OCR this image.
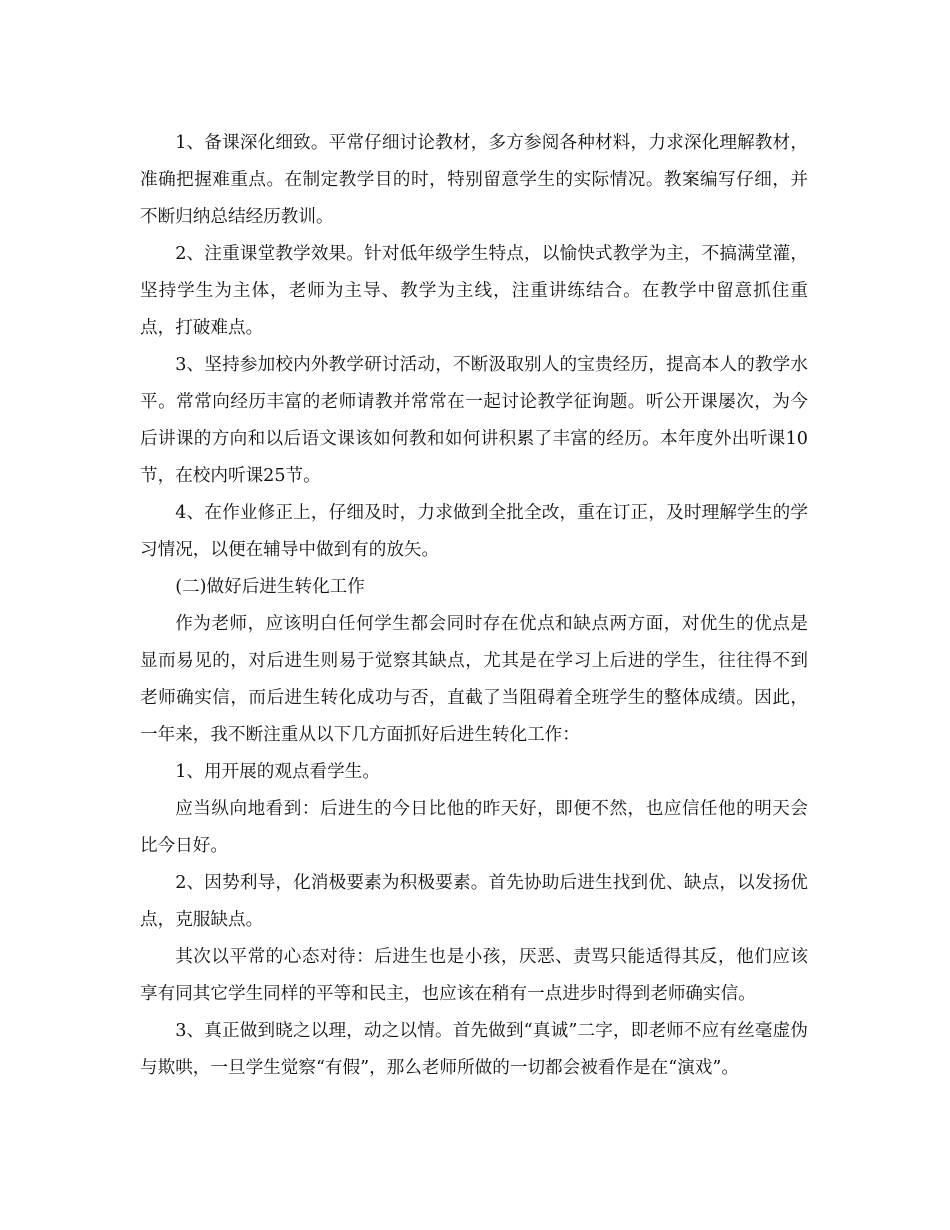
1、备课深化细致。平常仔细讨论教材，多方参阅各种材料，力求深化理解教材，准确把握难重点。在制定教学目的时，特别留意学生的实际情况。教案编写仔细，并不断归纳总结经历教训。

2、注重课堂教学效果。针对低年级学生特点，以愉快式教学为主，不搞满堂灌，坚持学生为主体，老师为主导、教学为主线，注重讲练结合。在教学中留意抓住重点，打破难点。

3、坚持参加校内外教学研讨活动，不断汲取别人的宝贵经历，提高本人的教学水平。常常向经历丰富的老师请教并常常在一起讨论教学征询题。听公开课屡次，为今后讲课的方向和以后语文课该如何教和如何讲积累了丰富的经历。本年度外出听课10节，在校内听课25节。

4、在作业修正上，仔细及时，力求做到全批全改，重在订正，及时理解学生的学习情况，以便在辅导中做到有的放矢。

(二)做好后进生转化工作

作为老师，应该明白任何学生都会同时存在优点和缺点两方面，对优生的优点是显而易见的，对后进生则易于觉察其缺点，尤其是在学习上后进的学生，往往得不到老师确实信，而后进生转化成功与否，直截了当阻碍着全班学生的整体成绩。因此，一年来，我不断注重从以下几方面抓好后进生转化工作：

1、用开展的观点看学生。

应当纵向地看到：后进生的今日比他的昨天好，即便不然，也应信任他的明天会比今日好。

2、因势利导，化消极要素为积极要素。首先协助后进生找到优、缺点，以发扬优点，克服缺点。

其次以平常的心态对待：后进生也是小孩，厌恶、责骂只能适得其反，他们应该享有同其它学生同样的平等和民主，也应该在稍有一点进步时得到老师确实信。

3、真正做到晓之以理，动之以情。首先做到“真诚”二字，即老师不应有丝毫虚伪与欺哄，一旦学生觉察“有假”，那么老师所做的一切都会被看作是在“演戏”。
